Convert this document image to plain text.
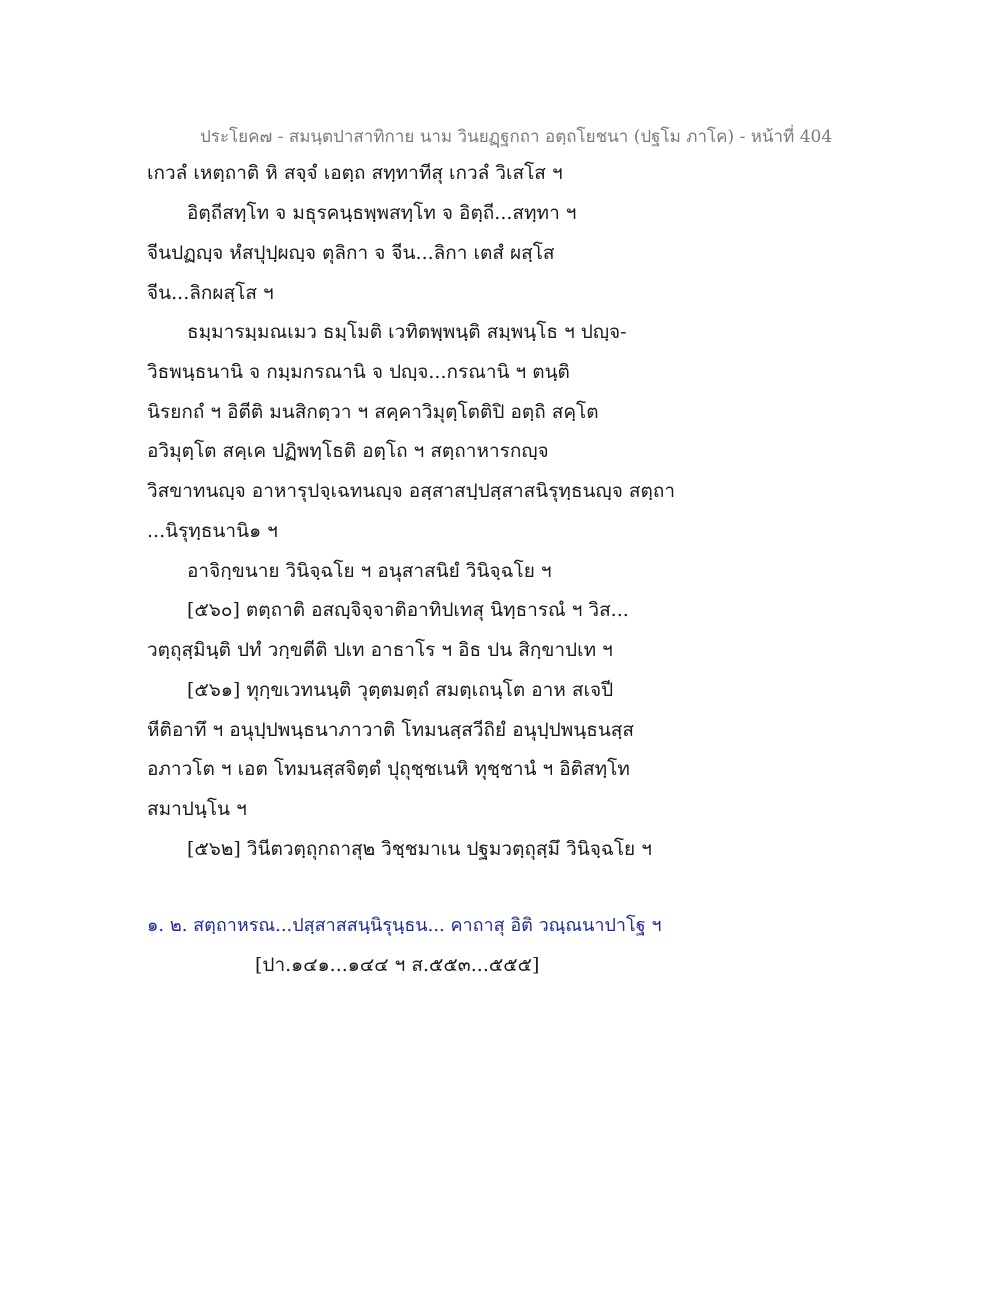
ประโยค๗ - สมนฺตปาสาทิกาย นาม วินยฏฺฐกถา อตฺถโยชนา (ปฐโม ภาโค) - หน้าที่ 404
เกวลํ เหตฺถาติ หิ สจฺจํ เอตฺถ สทฺทาทีสุ เกวลํ วิเสโส ฯ
อิตฺถีสทฺโท จ มธุรคนฺธพฺพสทฺโท จ อิตฺถี...สทฺทา ฯ
จีนปฏญฺจ หํสปุปฺผญฺจ ตุลิกา จ จีน...ลิกา เตสํ ผสฺโส
จีน...ลิกผสฺโส ฯ
ธมฺมารมฺมณเมว ธมฺโมติ เวทิตพฺพนฺติ สมฺพนฺโธ ฯ ปญฺจ-
วิธพนฺธนานิ จ กมฺมกรณานิ จ ปญฺจ...กรณานิ ฯ ตนฺติ
นิรยกถํ ฯ อิตีติ มนสิกตฺวา ฯ สคฺคาวิมุตฺโตติปิ อตฺถิ สคฺโต
อวิมุตฺโต สคฺเค ปฏิพทฺโธติ อตฺโถ ฯ สตฺถาหารกญฺจ
วิสขาทนญฺจ อาหารุปจฺเฉทนญฺจ อสฺสาสปฺปสฺสาสนิรุทฺธนญฺจ สตฺถา
...นิรุทฺธนานิ๑ ฯ
อาจิกฺขนาย วินิจฺฉโย ฯ อนุสาสนิยํ วินิจฺฉโย ฯ
[๕๖๐] ตตฺถาติ อสญฺจิจฺจาติอาทิปเทสุ นิทฺธารณํ ฯ วิส...
วตฺถุสฺมินฺติ ปทํ วกฺขตีติ ปเท อาธาโร ฯ อิธ ปน สิกฺขาปเท ฯ
[๕๖๑] ทุกฺขเวทนนฺติ วุตฺตมตฺถํ สมตฺเถนฺโต อาห สเจปี
หีติอาทึ ฯ อนุปฺปพนฺธนาภาวาติ โทมนสฺสวีถิยํ อนุปฺปพนฺธนสฺส
อภาวโต ฯ เอต โทมนสฺสจิตฺตํ ปุถุชฺชเนหิ ทุชฺชานํ ฯ อิติสทฺโท
สมาปนฺโน ฯ
[๕๖๒] วินีตวตฺถุกถาสุ๒ วิชฺชมาเน ปฐมวตฺถุสฺมึ วินิจฺฉโย ฯ
๑. ๒. สตฺถาหรณ...ปสฺสาสสนฺนิรุนฺธน... คาถาสุ อิติ วณฺณนาปาโฐ ฯ
[ปา.๑๔๑...๑๔๔ ฯ ส.๕๕๓...๕๕๕]
